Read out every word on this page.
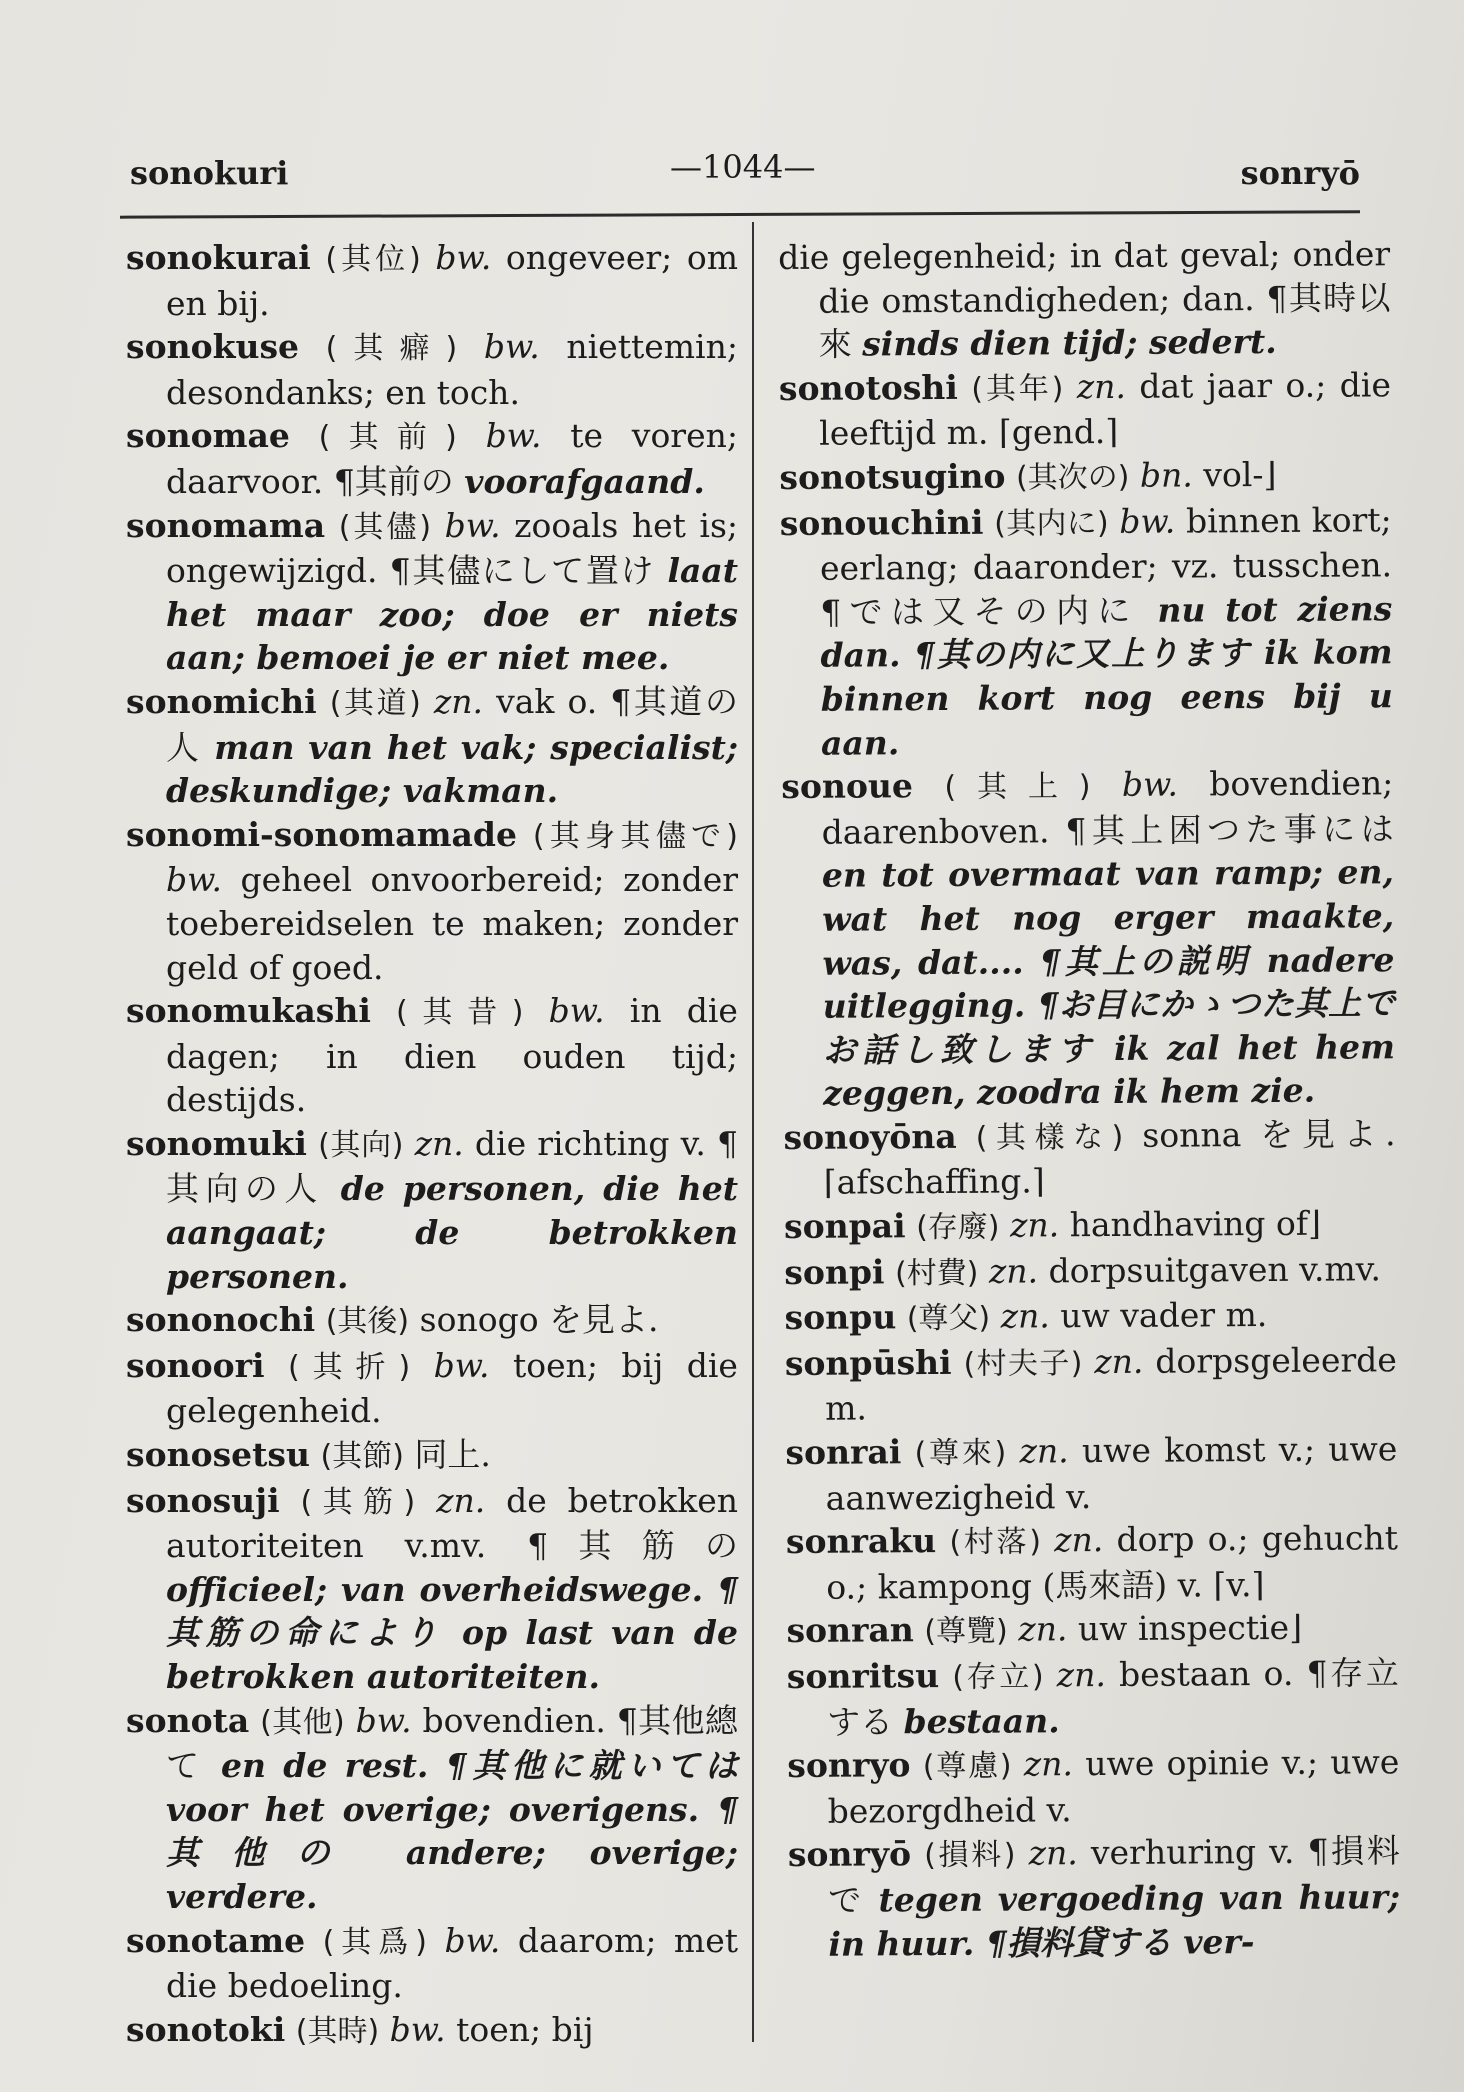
sonokuri	—1044—	sonryō

sonokurai (其位) bw. ongeveer; om en bij.

sonokuse (其癖) bw. niettemin; desondanks; en toch.

sonomae (其前) bw. te voren; daarvoor. ¶其前の voorafgaand.

sonomama (其儘) bw. zooals het is; ongewijzigd. ¶其儘にして置け laat het maar zoo; doe er niets aan; bemoei je er niet mee.

sonomichi (其道) zn. vak o. ¶其道の人 man van het vak; specialist; deskundige; vakman.

sonomi-sonomamade (其身其儘で) bw. geheel onvoorbereid; zonder toebereidselen te maken; zonder geld of goed.

sonomukashi (其昔) bw. in die dagen; in dien ouden tijd; destijds.

sonomuki (其向) zn. die richting v. ¶其向の人 de personen, die het aangaat; de betrokken personen.

sononochi (其後) sonogo を見よ.

sonoori (其折) bw. toen; bij die gelegenheid.

sonosetsu (其節) 同上.

sonosuji (其筋) zn. de betrokken autoriteiten v.mv. ¶其筋の officieel; van overheidswege. ¶其筋の命により op last van de betrokken autoriteiten.

sonota (其他) bw. bovendien. ¶其他總て en de rest. ¶其他に就いては voor het overige; overigens. ¶其他の andere; overige; verdere.

sonotame (其爲) bw. daarom; met die bedoeling.

sonotoki (其時) bw. toen; bij

die gelegenheid; in dat geval; onder die omstandigheden; dan. ¶其時以來 sinds dien tijd; sedert.

sonotoshi (其年) zn. dat jaar o.; die leeftijd m. ⌈gend.⌉

sonotsugino (其次の) bn. vol-⌋

sonouchini (其内に) bw. binnen kort; eerlang; daaronder; vz. tusschen. ¶では又その内に nu tot ziens dan. ¶其の内に又上ります ik kom binnen kort nog eens bij u aan.

sonoue (其上) bw. bovendien; daarenboven. ¶其上困つた事には en tot overmaat van ramp; en, wat het nog erger maakte, was, dat.... ¶其上の説明 nadere uitlegging. ¶お目にかゝつた其上でお話し致します ik zal het hem zeggen, zoodra ik hem zie.

sonoyōna (其樣な) sonna を見よ. ⌈afschaffing.⌉

sonpai (存廢) zn. handhaving of⌋

sonpi (村費) zn. dorpsuitgaven v.mv.

sonpu (尊父) zn. uw vader m.

sonpūshi (村夫子) zn. dorpsgeleerde m.

sonrai (尊來) zn. uwe komst v.; uwe aanwezigheid v.

sonraku (村落) zn. dorp o.; gehucht o.; kampong (馬來語) v. ⌈v.⌉

sonran (尊覽) zn. uw inspectie⌋

sonritsu (存立) zn. bestaan o. ¶存立する bestaan.

sonryo (尊慮) zn. uwe opinie v.; uwe bezorgdheid v.

sonryō (損料) zn. verhuring v. ¶損料で tegen vergoeding van huur; in huur. ¶損料貸する ver-
